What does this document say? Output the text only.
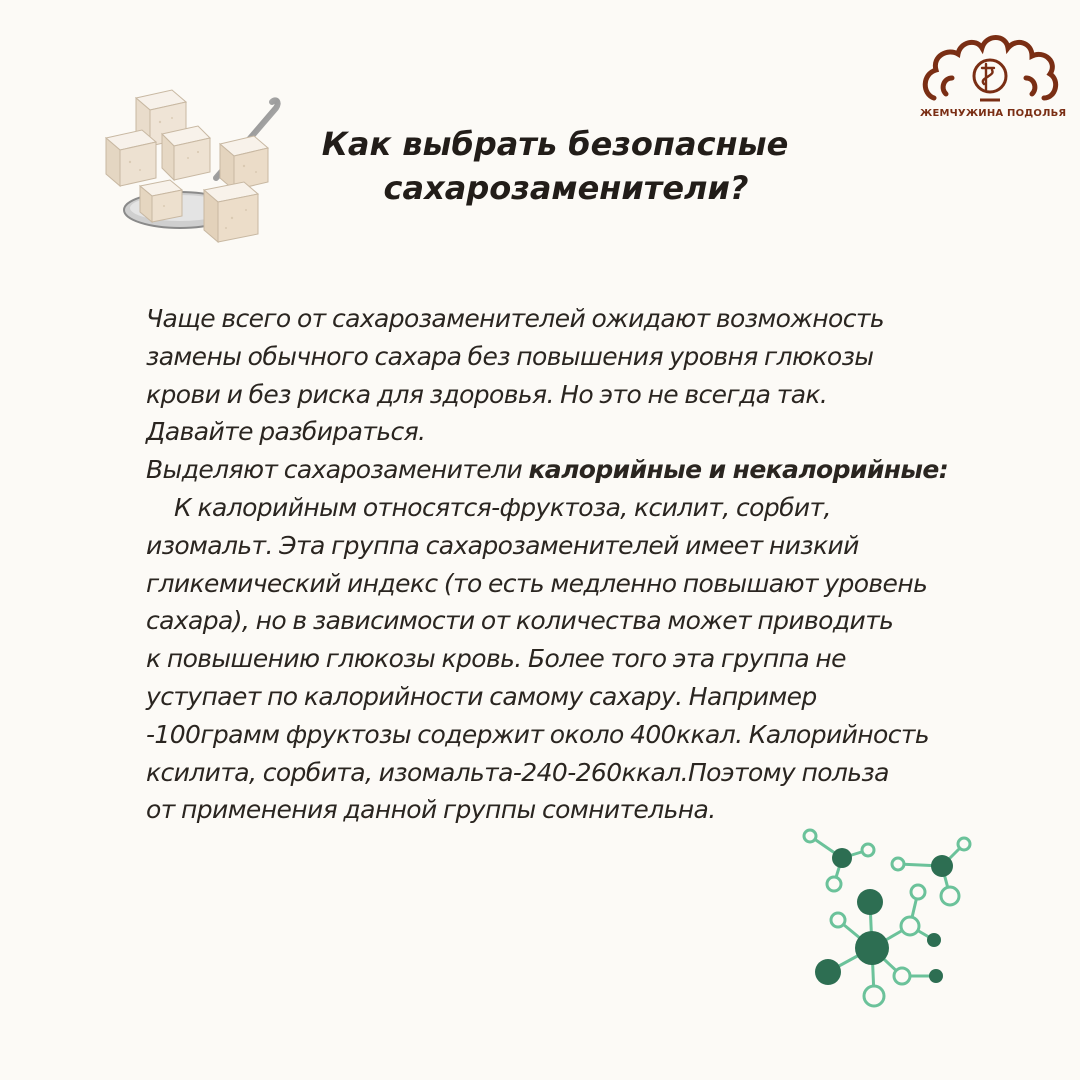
ЖЕМЧУЖИНА ПОДОЛЬЯ
Как выбрать безопасные
сахарозаменители?
Чаще всего от сахарозаменителей ожидают возможность
замены обычного сахара без повышения уровня глюкозы
крови и без риска для здоровья. Но это не всегда так.
Давайте разбираться.
Выделяют сахарозаменители калорийные и некалорийные:
К калорийным относятся-фруктоза, ксилит, сорбит,
изомальт. Эта группа сахарозаменителей имеет низкий
гликемический индекс (то есть медленно повышают уровень
сахара), но в зависимости от количества может приводить
к повышению глюкозы кровь. Более того эта группа не
уступает по калорийности самому сахару. Например
-100грамм фруктозы содержит около 400ккал. Калорийность
ксилита, сорбита, изомальта-240-260ккал.Поэтому польза
от применения данной группы сомнительна.
